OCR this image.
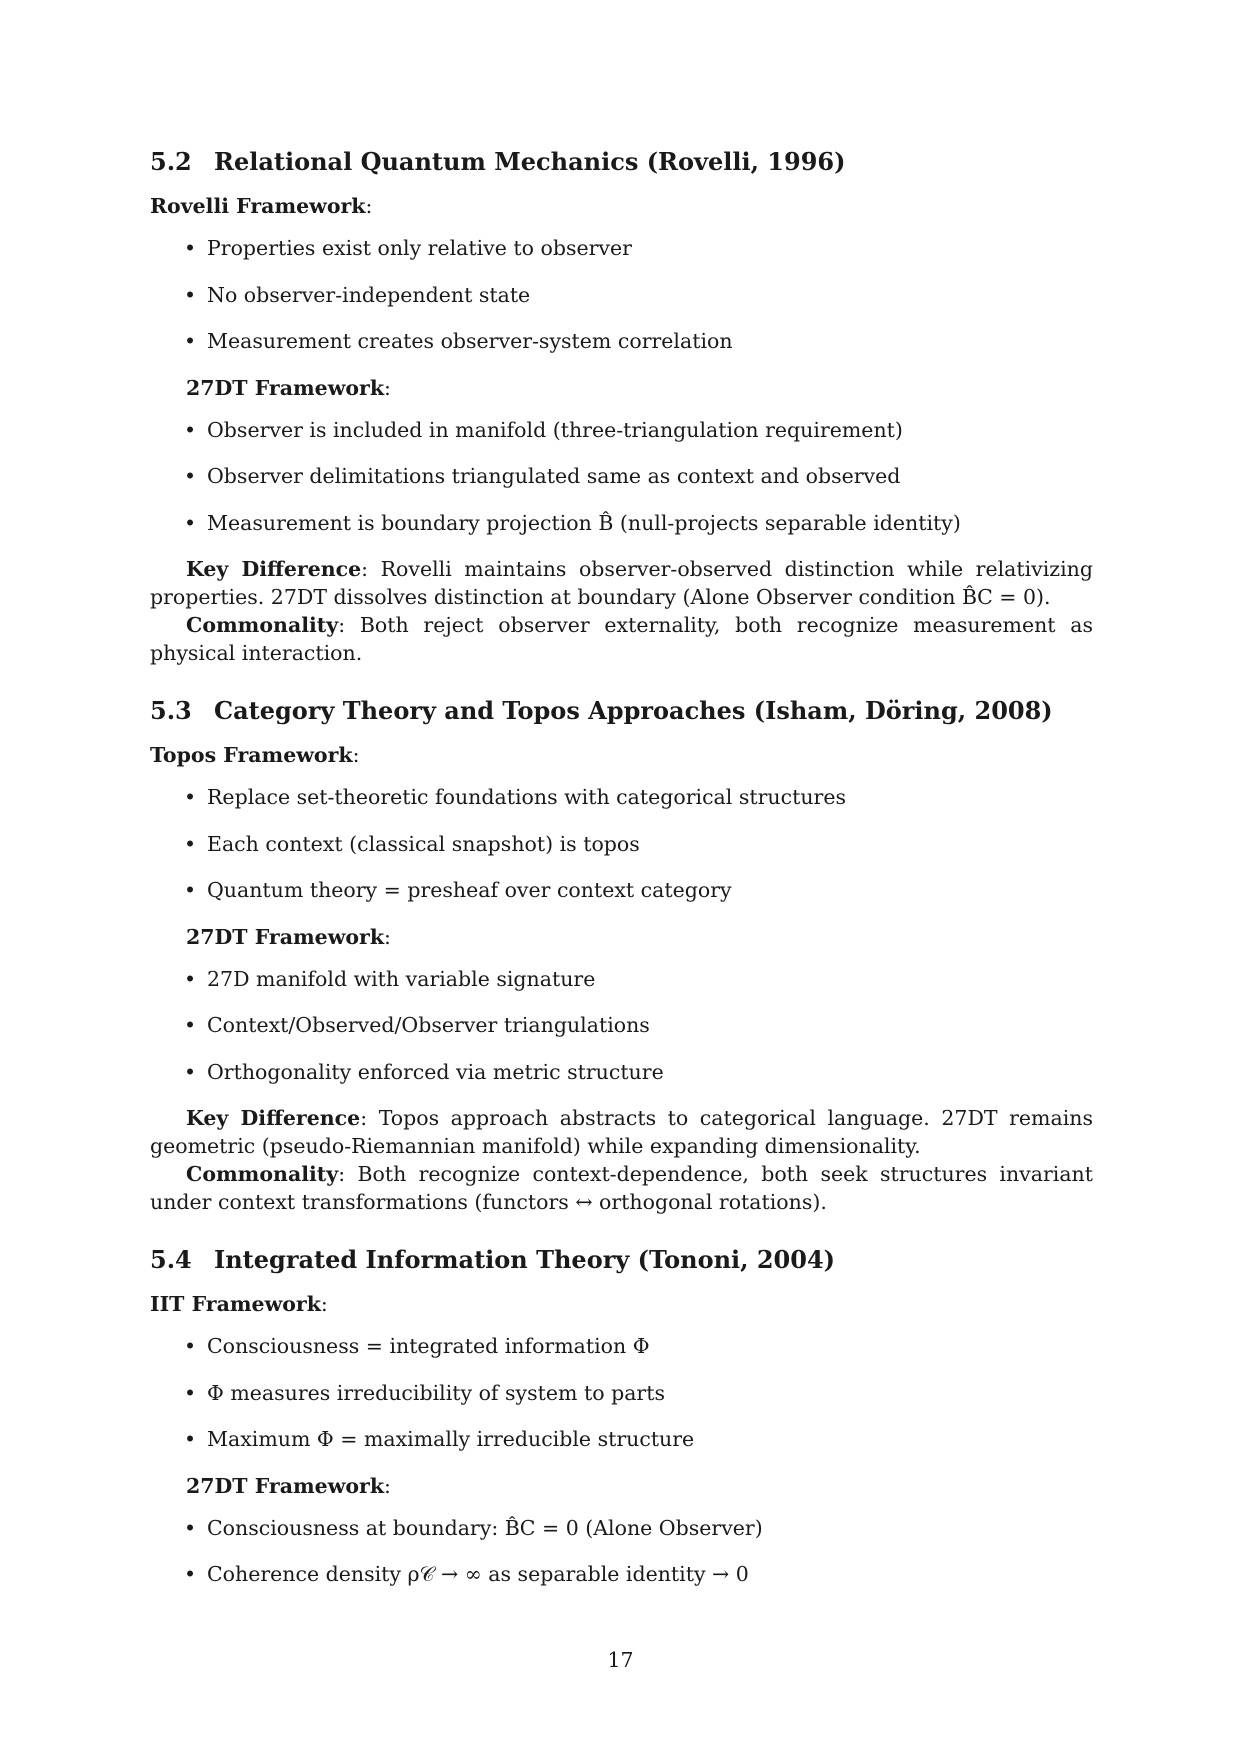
5.2 Relational Quantum Mechanics (Rovelli, 1996)

Rovelli Framework:

• Properties exist only relative to observer
• No observer-independent state
• Measurement creates observer-system correlation

27DT Framework:

• Observer is included in manifold (three-triangulation requirement)
• Observer delimitations triangulated same as context and observed
• Measurement is boundary projection B̂ (null-projects separable identity)

Key Difference: Rovelli maintains observer-observed distinction while relativizing properties. 27DT dissolves distinction at boundary (Alone Observer condition B̂C = 0).

Commonality: Both reject observer externality, both recognize measurement as physical interaction.

5.3 Category Theory and Topos Approaches (Isham, Döring, 2008)

Topos Framework:

• Replace set-theoretic foundations with categorical structures
• Each context (classical snapshot) is topos
• Quantum theory = presheaf over context category

27DT Framework:

• 27D manifold with variable signature
• Context/Observed/Observer triangulations
• Orthogonality enforced via metric structure

Key Difference: Topos approach abstracts to categorical language. 27DT remains geometric (pseudo-Riemannian manifold) while expanding dimensionality.

Commonality: Both recognize context-dependence, both seek structures invariant under context transformations (functors ↔ orthogonal rotations).

5.4 Integrated Information Theory (Tononi, 2004)

IIT Framework:

• Consciousness = integrated information Φ
• Φ measures irreducibility of system to parts
• Maximum Φ = maximally irreducible structure

27DT Framework:

• Consciousness at boundary: B̂C = 0 (Alone Observer)
• Coherence density ρ𝒞 → ∞ as separable identity → 0
17
